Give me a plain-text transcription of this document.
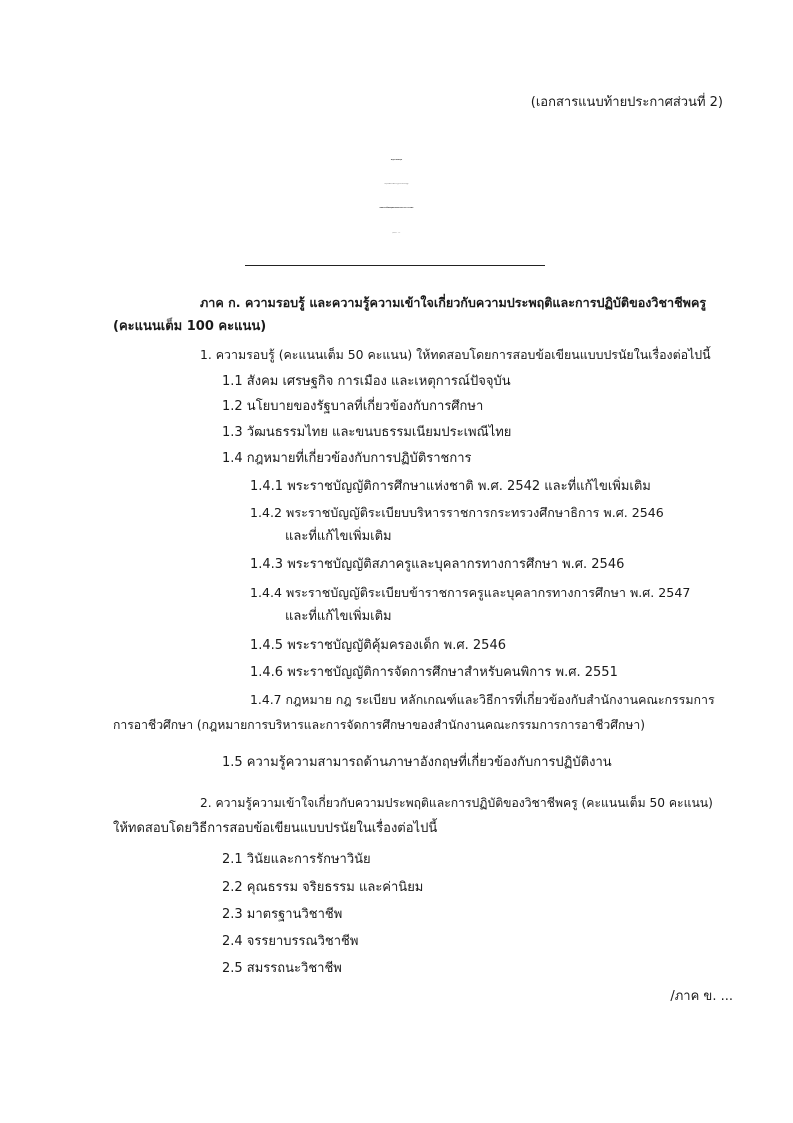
(เอกสารแนบท้ายประกาศส่วนที่ 2)
หลักสูตรการคัดเลือกบุคคล
กรณีที่มีความจำเป็นหรือมีเหตุพิเศษ สังกัดสำนักงานคณะกรรมการการอาชีวศึกษา
ภาค ก. ความรอบรู้ และความรู้ความเข้าใจเกี่ยวกับความประพฤติและการปฏิบัติของวิชาชีพครู
(คะแนนเต็ม 100 คะแนน)
1. ความรอบรู้ (คะแนนเต็ม 50 คะแนน) ให้ทดสอบโดยการสอบข้อเขียนแบบปรนัยในเรื่องต่อไปนี้
1.1 สังคม เศรษฐกิจ การเมือง และเหตุการณ์ปัจจุบัน
1.2 นโยบายของรัฐบาลที่เกี่ยวข้องกับการศึกษา
1.3 วัฒนธรรมไทย และขนบธรรมเนียมประเพณีไทย
1.4 กฎหมายที่เกี่ยวข้องกับการปฏิบัติราชการ
1.4.1 พระราชบัญญัติการศึกษาแห่งชาติ พ.ศ. 2542 และที่แก้ไขเพิ่มเติม
1.4.2 พระราชบัญญัติระเบียบบริหารราชการกระทรวงศึกษาธิการ พ.ศ. 2546
และที่แก้ไขเพิ่มเติม
1.4.3 พระราชบัญญัติสภาครูและบุคลากรทางการศึกษา พ.ศ. 2546
1.4.4 พระราชบัญญัติระเบียบข้าราชการครูและบุคลากรทางการศึกษา พ.ศ. 2547
และที่แก้ไขเพิ่มเติม
1.4.5 พระราชบัญญัติคุ้มครองเด็ก พ.ศ. 2546
1.4.6 พระราชบัญญัติการจัดการศึกษาสำหรับคนพิการ พ.ศ. 2551
1.4.7 กฎหมาย กฎ ระเบียบ หลักเกณฑ์และวิธีการที่เกี่ยวข้องกับสำนักงานคณะกรรมการ
การอาชีวศึกษา (กฎหมายการบริหารและการจัดการศึกษาของสำนักงานคณะกรรมการการอาชีวศึกษา)
1.5 ความรู้ความสามารถด้านภาษาอังกฤษที่เกี่ยวข้องกับการปฏิบัติงาน
2. ความรู้ความเข้าใจเกี่ยวกับความประพฤติและการปฏิบัติของวิชาชีพครู (คะแนนเต็ม 50 คะแนน)
ให้ทดสอบโดยวิธีการสอบข้อเขียนแบบปรนัยในเรื่องต่อไปนี้
2.1 วินัยและการรักษาวินัย
2.2 คุณธรรม จริยธรรม และค่านิยม
2.3 มาตรฐานวิชาชีพ
2.4 จรรยาบรรณวิชาชีพ
2.5 สมรรถนะวิชาชีพ
/ภาค ข. ...
